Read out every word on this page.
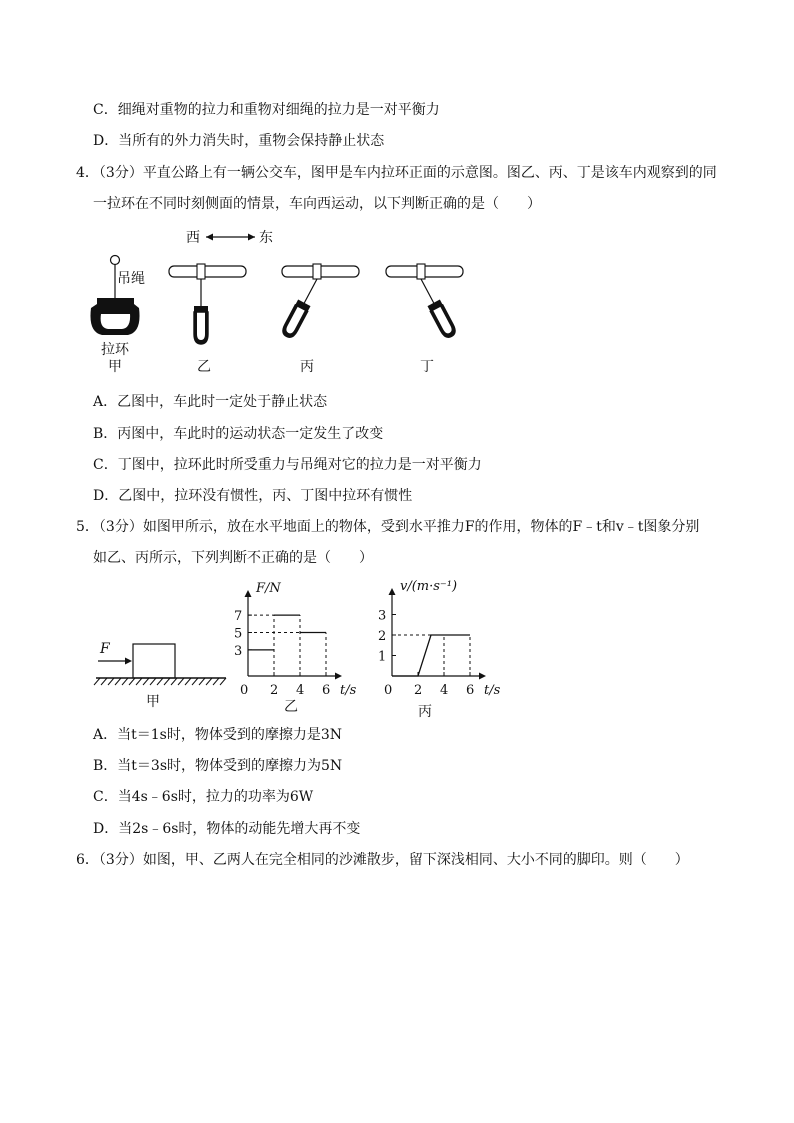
C．细绳对重物的拉力和重物对细绳的拉力是一对平衡力
D．当所有的外力消失时，重物会保持静止状态
4．（3分）平直公路上有一辆公交车，图甲是车内拉环正面的示意图。图乙、丙、丁是该车内观察到的同
一拉环在不同时刻侧面的情景，车向西运动，以下判断正确的是（　　）
西	东
吊绳
拉环
甲	乙	丙	丁
A．乙图中，车此时一定处于静止状态
B．丙图中，车此时的运动状态一定发生了改变
C．丁图中，拉环此时所受重力与吊绳对它的拉力是一对平衡力
D．乙图中，拉环没有惯性，丙、丁图中拉环有惯性
5．（3分）如图甲所示，放在水平地面上的物体，受到水平推力F的作用，物体的F﹣t和v﹣t图象分别
如乙、丙所示，下列判断不正确的是（　　）
F
甲	乙	丙
F/N
t/s
0 2 4 6
3
5
7
v/(m·s⁻¹)
t/s
0 2 4 6
1
2
3
A．当t＝1s时，物体受到的摩擦力是3N
B．当t＝3s时，物体受到的摩擦力为5N
C．当4s﹣6s时，拉力的功率为6W
D．当2s﹣6s时，物体的动能先增大再不变
6．（3分）如图，甲、乙两人在完全相同的沙滩散步，留下深浅相同、大小不同的脚印。则（　　）
